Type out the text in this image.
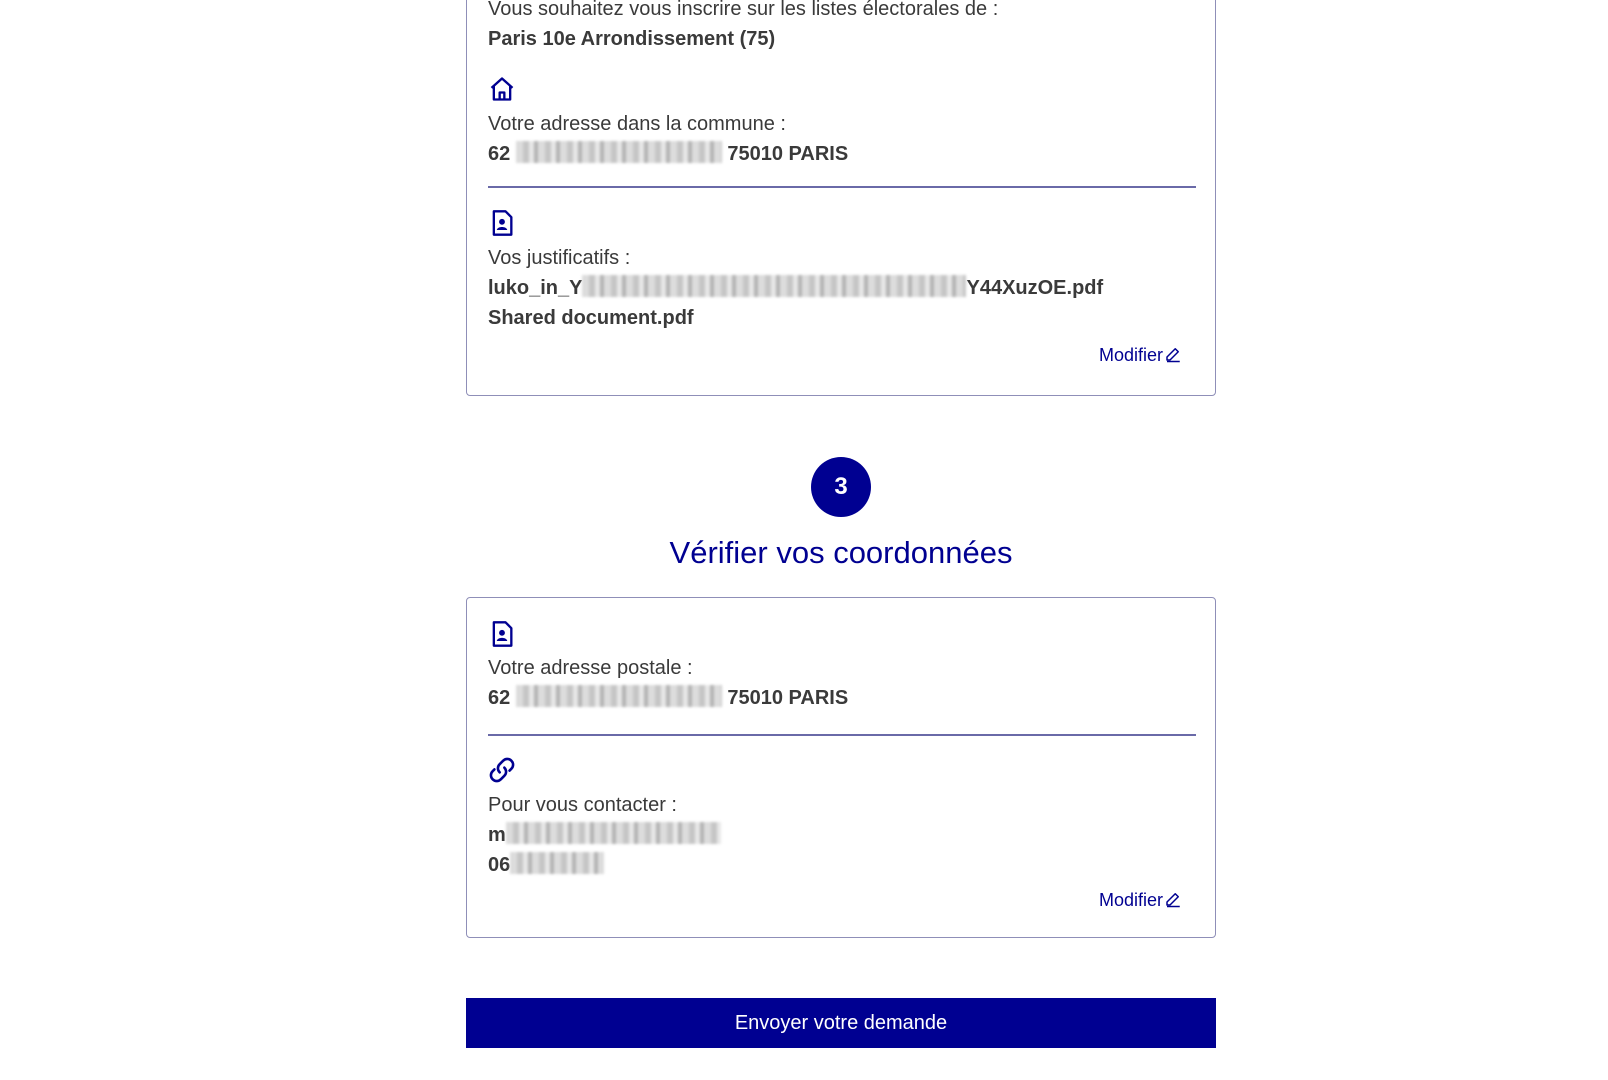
Vous souhaitez vous inscrire sur les listes électorales de :
Paris 10e Arrondissement (75)
Votre adresse dans la commune :
62	75010 PARIS
Vos justificatifs :
luko_in_Y	Y44XuzOE.pdf
Shared document.pdf
Modifier
3
Vérifier vos coordonnées
Votre adresse postale :
62	75010 PARIS
Pour vous contacter :
m
06
Modifier
Envoyer votre demande
